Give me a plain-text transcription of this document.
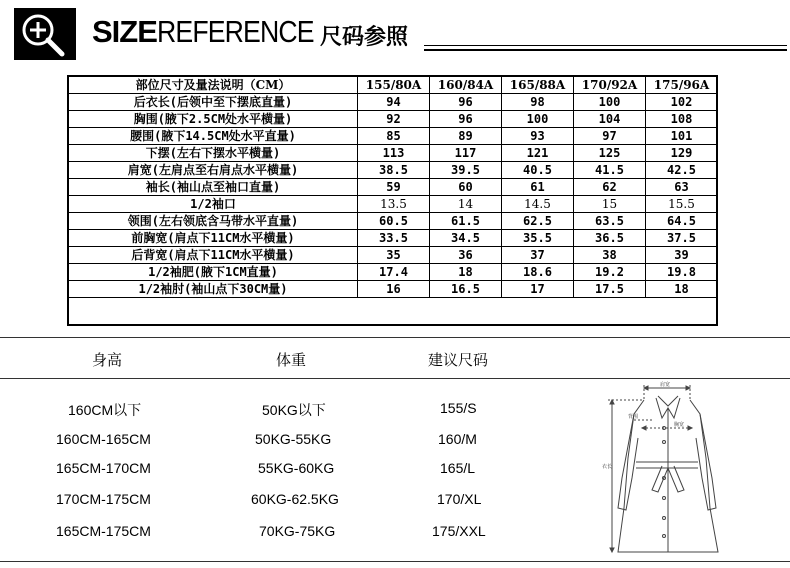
SIZEREFERENCE 尺码参照
部位尺寸及量法说明（CM）	155/80A	160/84A	165/88A	170/92A	175/96A
后衣长(后领中至下摆底直量)	94	96	98	100	102
胸围(腋下2.5CM处水平横量)	92	96	100	104	108
腰围(腋下14.5CM处水平直量)	85	89	93	97	101
下摆(左右下摆水平横量)	113	117	121	125	129
肩宽(左肩点至右肩点水平横量)	38.5	39.5	40.5	41.5	42.5
袖长(袖山点至袖口直量)	59	60	61	62	63
1/2袖口	13.5	14	14.5	15	15.5
领围(左右领底含马带水平直量)	60.5	61.5	62.5	63.5	64.5
前胸宽(肩点下11CM水平横量)	33.5	34.5	35.5	36.5	37.5
后背宽(肩点下11CM水平横量)	35	36	37	38	39
1/2袖肥(腋下1CM直量)	17.4	18	18.6	19.2	19.8
1/2袖肘(袖山点下30CM量)	16	16.5	17	17.5	18
身高	体重	建议尺码
160CM以下	50KG以下	155/S
160CM-165CM	50KG-55KG	160/M
165CM-170CM	55KG-60KG	165/L
170CM-175CM	60KG-62.5KG	170/XL
165CM-175CM	70KG-75KG	175/XXL
肩宽
背围
胸宽
衣长
